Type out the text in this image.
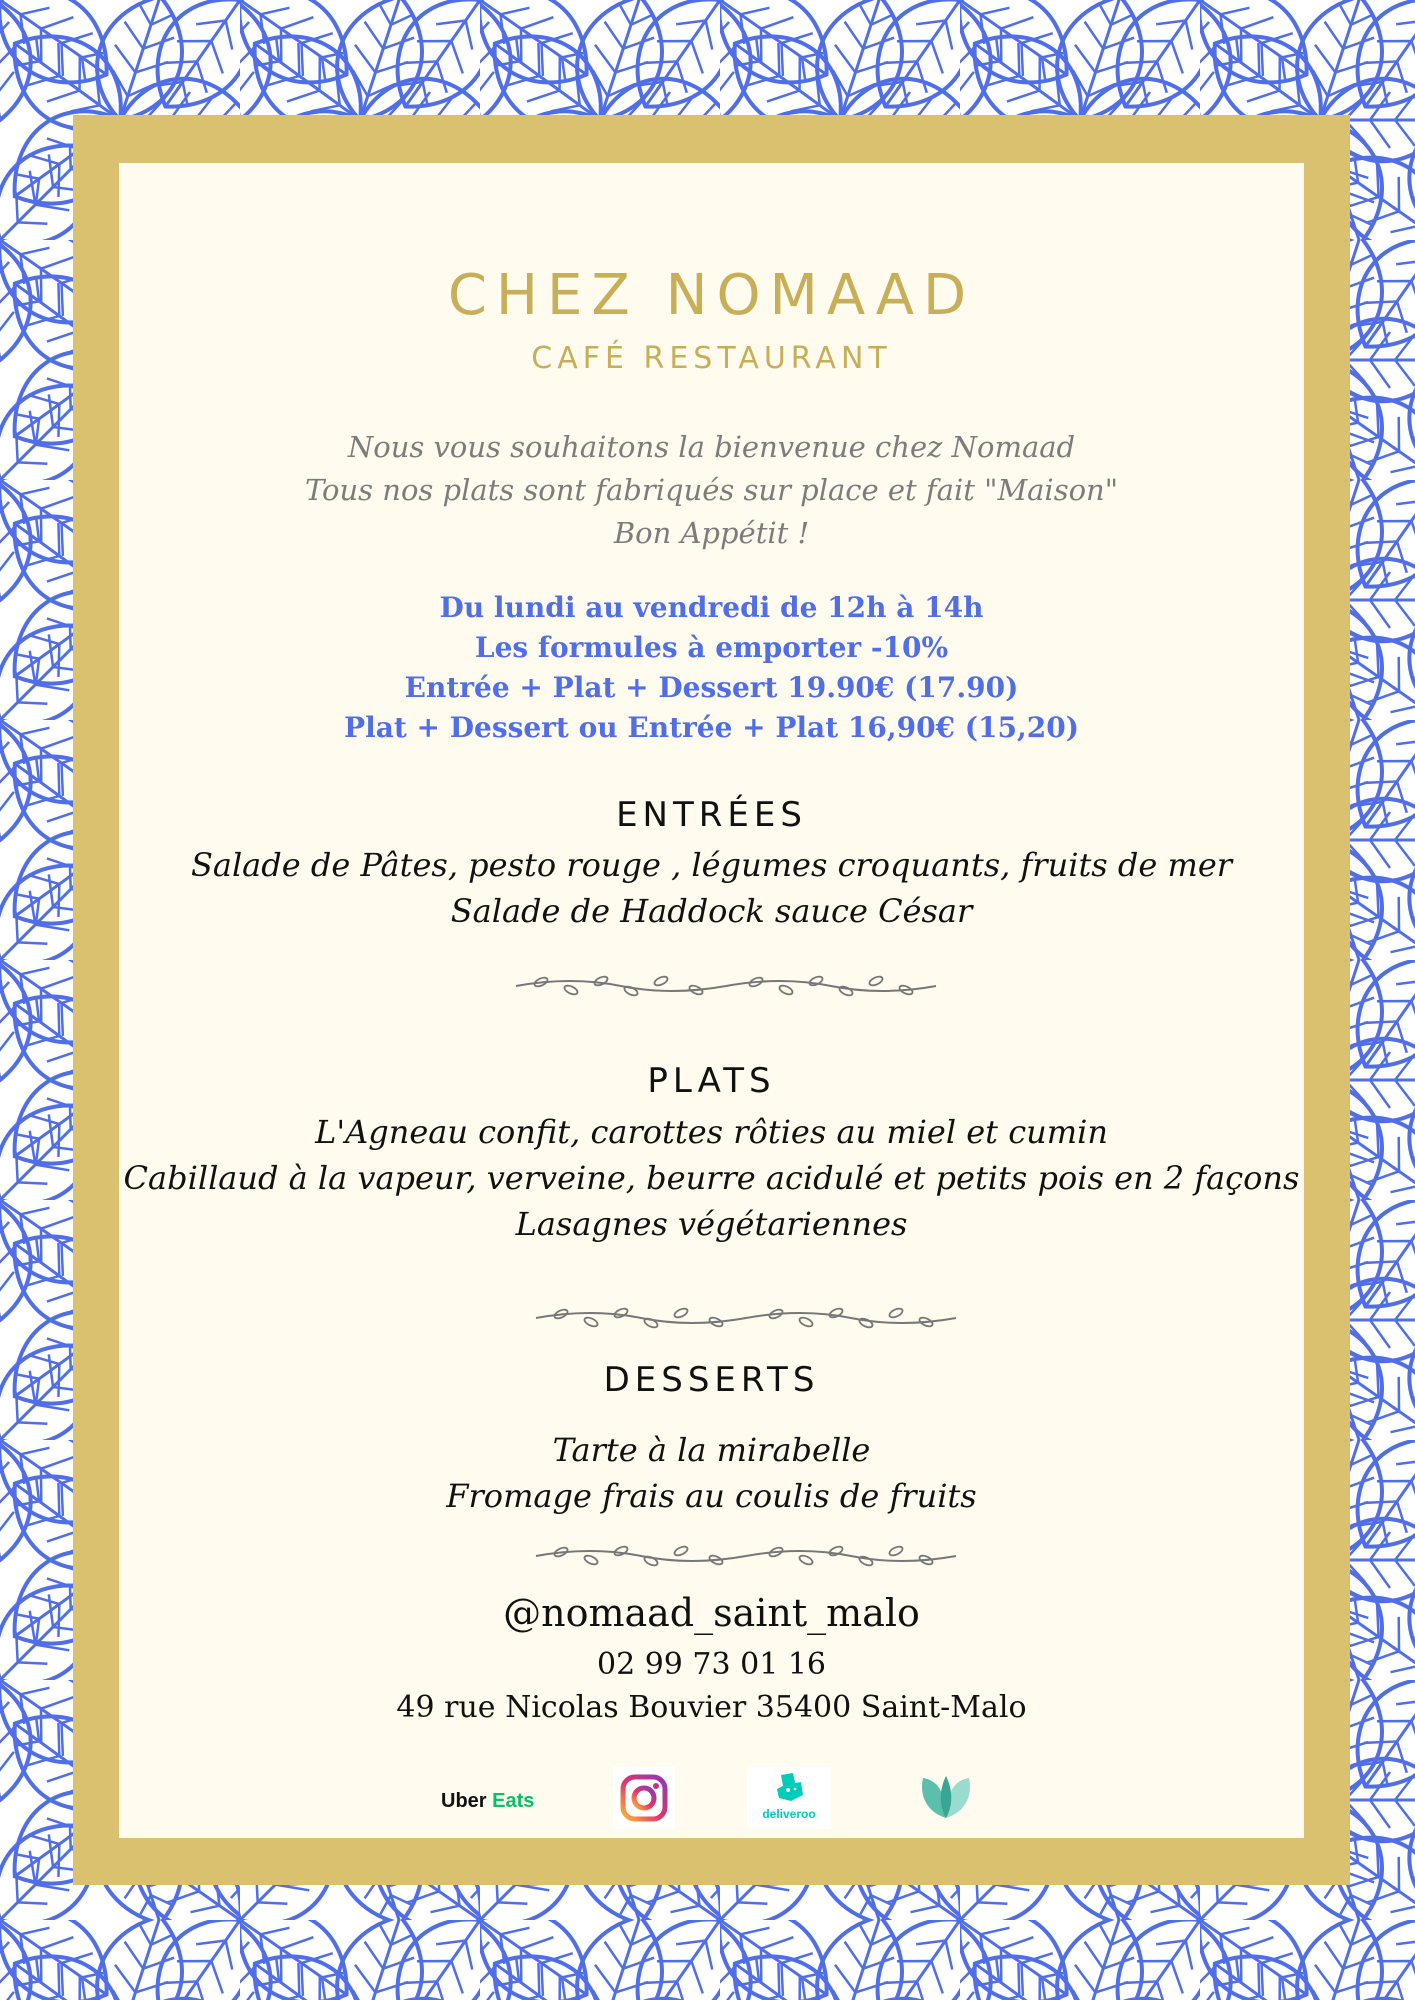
CHEZ NOMAAD
CAFÉ RESTAURANT
Nous vous souhaitons la bienvenue chez Nomaad
Tous nos plats sont fabriqués sur place et fait "Maison"
Bon Appétit !
Du lundi au vendredi de 12h à 14h
Les formules à emporter -10%
Entrée + Plat + Dessert 19.90€ (17.90)
Plat + Dessert ou Entrée + Plat 16,90€ (15,20)
ENTRÉES
Salade de Pâtes, pesto rouge , légumes croquants, fruits de mer
Salade de Haddock sauce César
PLATS
L'Agneau confit, carottes rôties au miel et cumin
Cabillaud à la vapeur, verveine, beurre acidulé et petits pois en 2 façons
Lasagnes végétariennes
DESSERTS
Tarte à la mirabelle
Fromage frais au coulis de fruits
@nomaad_saint_malo
02 99 73 01 16
49 rue Nicolas Bouvier 35400 Saint-Malo
Uber Eats
deliveroo
